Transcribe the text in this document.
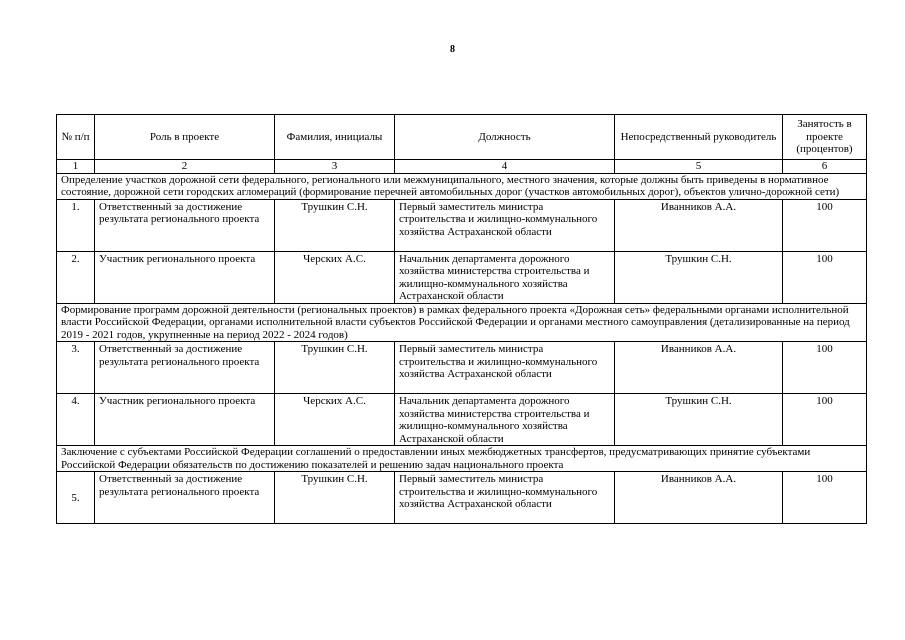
8
№ п/п	Роль в проекте	Фамилия, инициалы	Должность	Непосредственный руководитель	Занятость в проекте (процентов)
1	2	3	4	5	6
Определение участков дорожной сети федерального, регионального или межмуниципального, местного значения, которые должны быть приведены в нормативное состояние, дорожной сети городских агломераций (формирование перечней автомобильных дорог (участков автомобильных дорог), объектов улично-дорожной сети)					
1.	Ответственный за достижение результата регионального проекта	Трушкин С.Н.	Первый заместитель министра строительства и жилищно-коммунального хозяйства Астраханской области	Иванников А.А.	100
2.	Участник регионального проекта	Черских А.С.	Начальник департамента дорожного хозяйства министерства строительства и жилищно-коммунального хозяйства Астраханской области	Трушкин С.Н.	100
Формирование программ дорожной деятельности (региональных проектов) в рамках федерального проекта «Дорожная сеть» федеральными органами исполнительной власти Российской Федерации, органами исполнительной власти субъектов Российской Федерации и органами местного самоуправления (детализированные на период 2019 - 2021 годов, укрупненные на период 2022 - 2024 годов)					
3.	Ответственный за достижение результата регионального проекта	Трушкин С.Н.	Первый заместитель министра строительства и жилищно-коммунального хозяйства Астраханской области	Иванников А.А.	100
4.	Участник регионального проекта	Черских А.С.	Начальник департамента дорожного хозяйства министерства строительства и жилищно-коммунального хозяйства Астраханской области	Трушкин С.Н.	100
Заключение с субъектами Российской Федерации соглашений о предоставлении иных межбюджетных трансфертов, предусматривающих принятие субъектами Российской Федерации обязательств по достижению показателей и решению задач национального проекта					
5.	Ответственный за достижение результата регионального проекта	Трушкин С.Н.	Первый заместитель министра строительства и жилищно-коммунального хозяйства Астраханской области	Иванников А.А.	100
